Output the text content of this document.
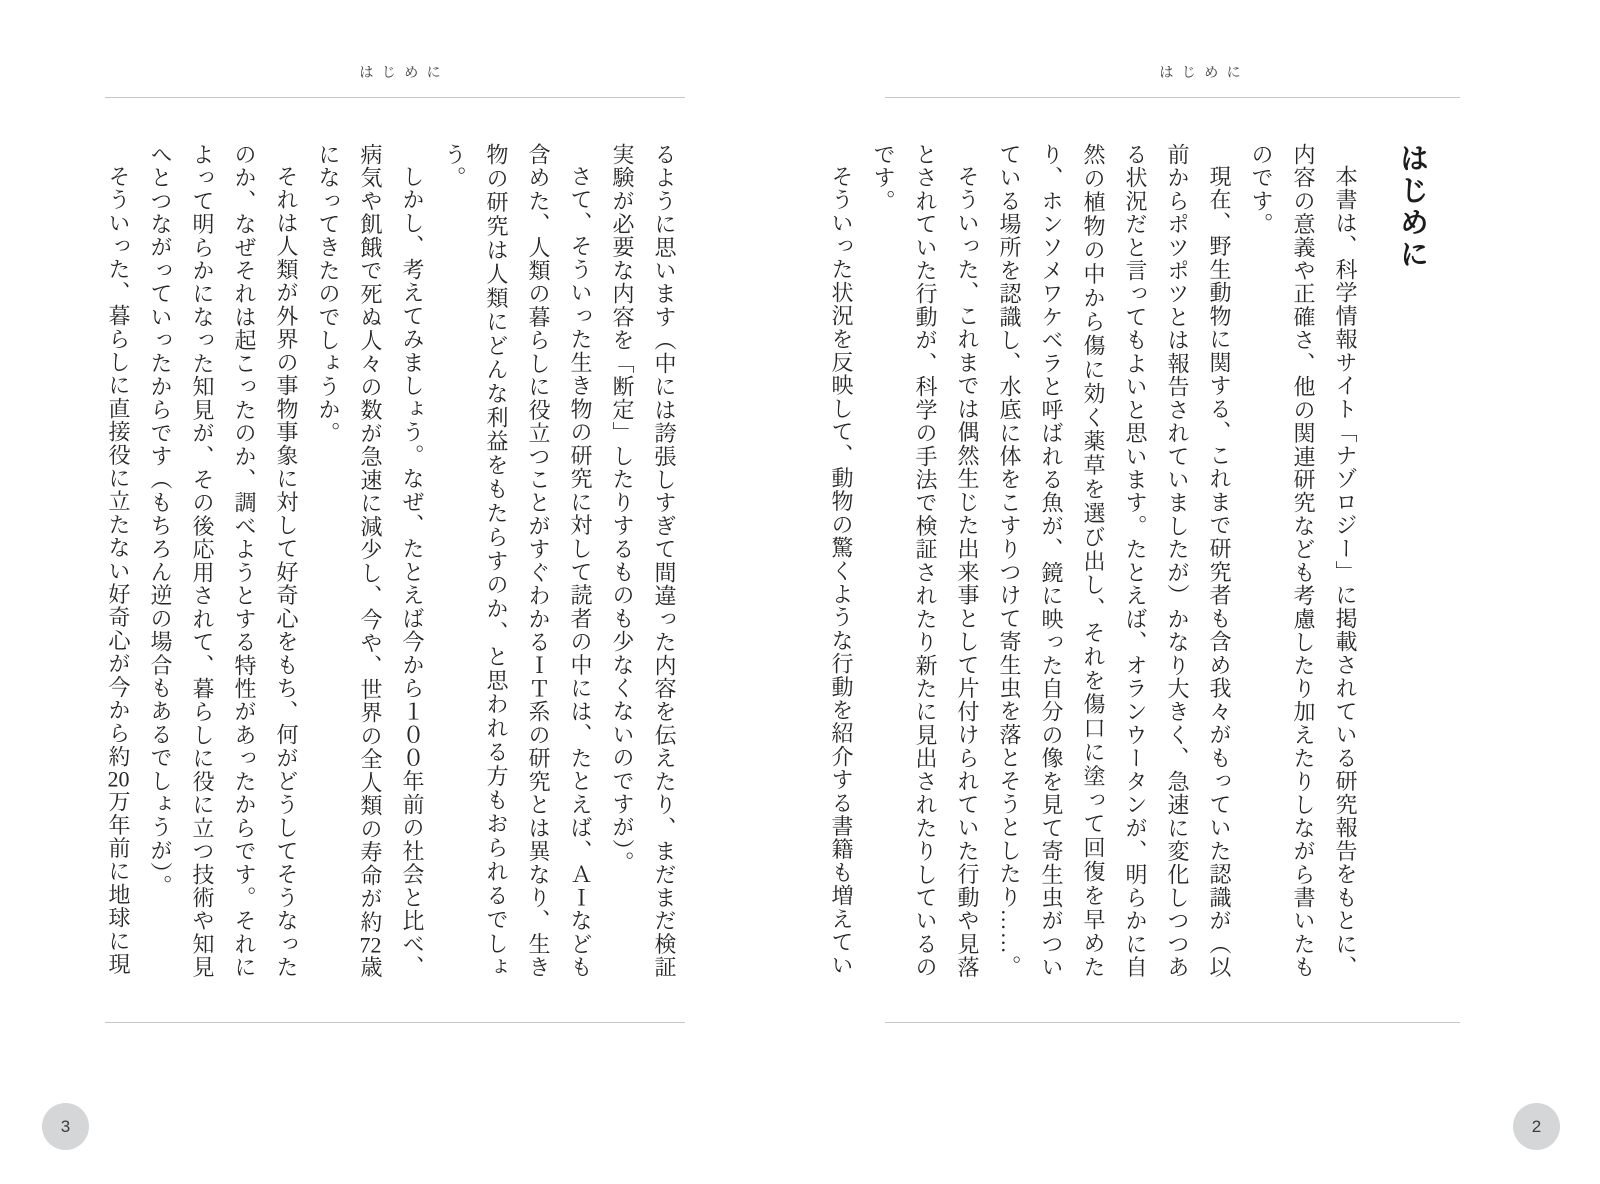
はじめに
はじめに

本書は、科学情報サイト「ナゾロジー」に掲載されている研究報告をもとに、内容の意義や正確さ、他の関連研究なども考慮したり加えたりしながら書いたものです。

現在、野生動物に関する、これまで研究者も含め我々がもっていた認識が（以前からポツポツとは報告されていましたが）かなり大きく、急速に変化しつつある状況だと言ってもよいと思います。たとえば、オランウータンが、明らかに自然の植物の中から傷に効く薬草を選び出し、それを傷口に塗って回復を早めたり、ホンソメワケベラと呼ばれる魚が、鏡に映った自分の像を見て寄生虫がついている場所を認識し、水底に体をこすりつけて寄生虫を落とそうとしたり……。

そういった、これまでは偶然生じた出来事として片付けられていた行動や見落とされていた行動が、科学の手法で検証されたり新たに見出されたりしているのです。

そういった状況を反映して、動物の驚くような行動を紹介する書籍も増えてい

2
はじめに

るように思います（中には誇張しすぎて間違った内容を伝えたり、まだまだ検証実験が必要な内容を「断定」したりするものも少なくないのですが）。

さて、そういった生き物の研究に対して読者の中には、たとえば、ＡＩなども含めた、人類の暮らしに役立つことがすぐわかるＩＴ系の研究とは異なり、生き物の研究は人類にどんな利益をもたらすのか、と思われる方もおられるでしょう。

しかし、考えてみましょう。なぜ、たとえば今から１００年前の社会と比べ、病気や飢餓で死ぬ人々の数が急速に減少し、今や、世界の全人類の寿命が約72歳になってきたのでしょうか。

それは人類が外界の事物事象に対して好奇心をもち、何がどうしてそうなったのか、なぜそれは起こったのか、調べようとする特性があったからです。それによって明らかになった知見が、その後応用されて、暮らしに役に立つ技術や知見へとつながっていったからです（もちろん逆の場合もあるでしょうが）。

そういった、暮らしに直接役に立たない好奇心が今から約20万年前に地球に現

3
